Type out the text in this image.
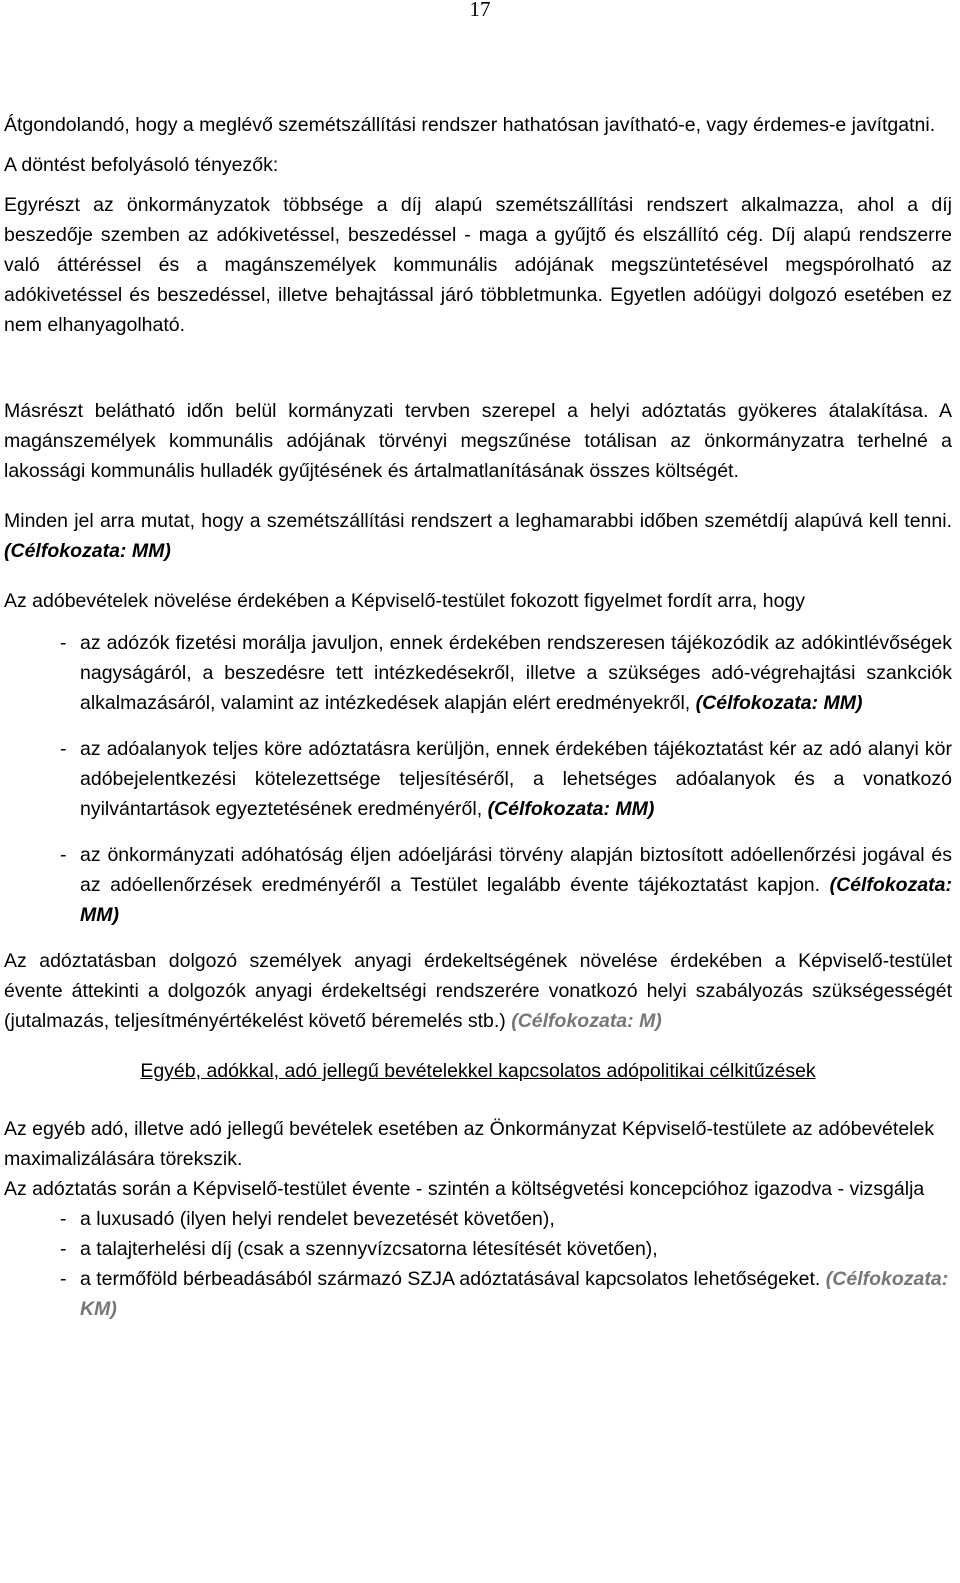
17

Átgondolandó, hogy a meglévő szemétszállítási rendszer hathatósan javítható-e, vagy érdemes-e javítgatni.

A döntést befolyásoló tényezők:

Egyrészt az önkormányzatok többsége a díj alapú szemétszállítási rendszert alkalmazza, ahol a díj beszedője szemben az adókivetéssel, beszedéssel - maga a gyűjtő és elszállító cég. Díj alapú rendszerre való áttéréssel és a magánszemélyek kommunális adójának megszüntetésével megspórolható az adókivetéssel és beszedéssel, illetve behajtással járó többletmunka. Egyetlen adóügyi dolgozó esetében ez nem elhanyagolható.

Másrészt belátható időn belül kormányzati tervben szerepel a helyi adóztatás gyökeres átalakítása. A magánszemélyek kommunális adójának törvényi megszűnése totálisan az önkormányzatra terhelné a lakossági kommunális hulladék gyűjtésének és ártalmatlanításának összes költségét.

Minden jel arra mutat, hogy a szemétszállítási rendszert a leghamarabbi időben szemétdíj alapúvá kell tenni. (Célfokozata: MM)

Az adóbevételek növelése érdekében a Képviselő-testület fokozott figyelmet fordít arra, hogy

- az adózók fizetési morálja javuljon, ennek érdekében rendszeresen tájékozódik az adókintlévőségek nagyságáról, a beszedésre tett intézkedésekről, illetve a szükséges adó-végrehajtási szankciók alkalmazásáról, valamint az intézkedések alapján elért eredményekről, (Célfokozata: MM)
- az adóalanyok teljes köre adóztatásra kerüljön, ennek érdekében tájékoztatást kér az adó alanyi kör adóbejelentkezési kötelezettsége teljesítéséről, a lehetséges adóalanyok és a vonatkozó nyilvántartások egyeztetésének eredményéről, (Célfokozata: MM)
- az önkormányzati adóhatóság éljen adóeljárási törvény alapján biztosított adóellenőrzési jogával és az adóellenőrzések eredményéről a Testület legalább évente tájékoztatást kapjon. (Célfokozata: MM)

Az adóztatásban dolgozó személyek anyagi érdekeltségének növelése érdekében a Képviselő-testület évente áttekinti a dolgozók anyagi érdekeltségi rendszerére vonatkozó helyi szabályozás szükségességét (jutalmazás, teljesítményértékelést követő béremelés stb.) (Célfokozata: M)

Egyéb, adókkal, adó jellegű bevételekkel kapcsolatos adópolitikai célkitűzések

Az egyéb adó, illetve adó jellegű bevételek esetében az Önkormányzat Képviselő-testülete az adóbevételek maximalizálására törekszik.

Az adóztatás során a Képviselő-testület évente - szintén a költségvetési koncepcióhoz igazodva - vizsgálja

- a luxusadó (ilyen helyi rendelet bevezetését követően),
- a talajterhelési díj (csak a szennyvízcsatorna létesítését követően),
- a termőföld bérbeadásából származó SZJA adóztatásával kapcsolatos lehetőségeket. (Célfokozata: KM)
